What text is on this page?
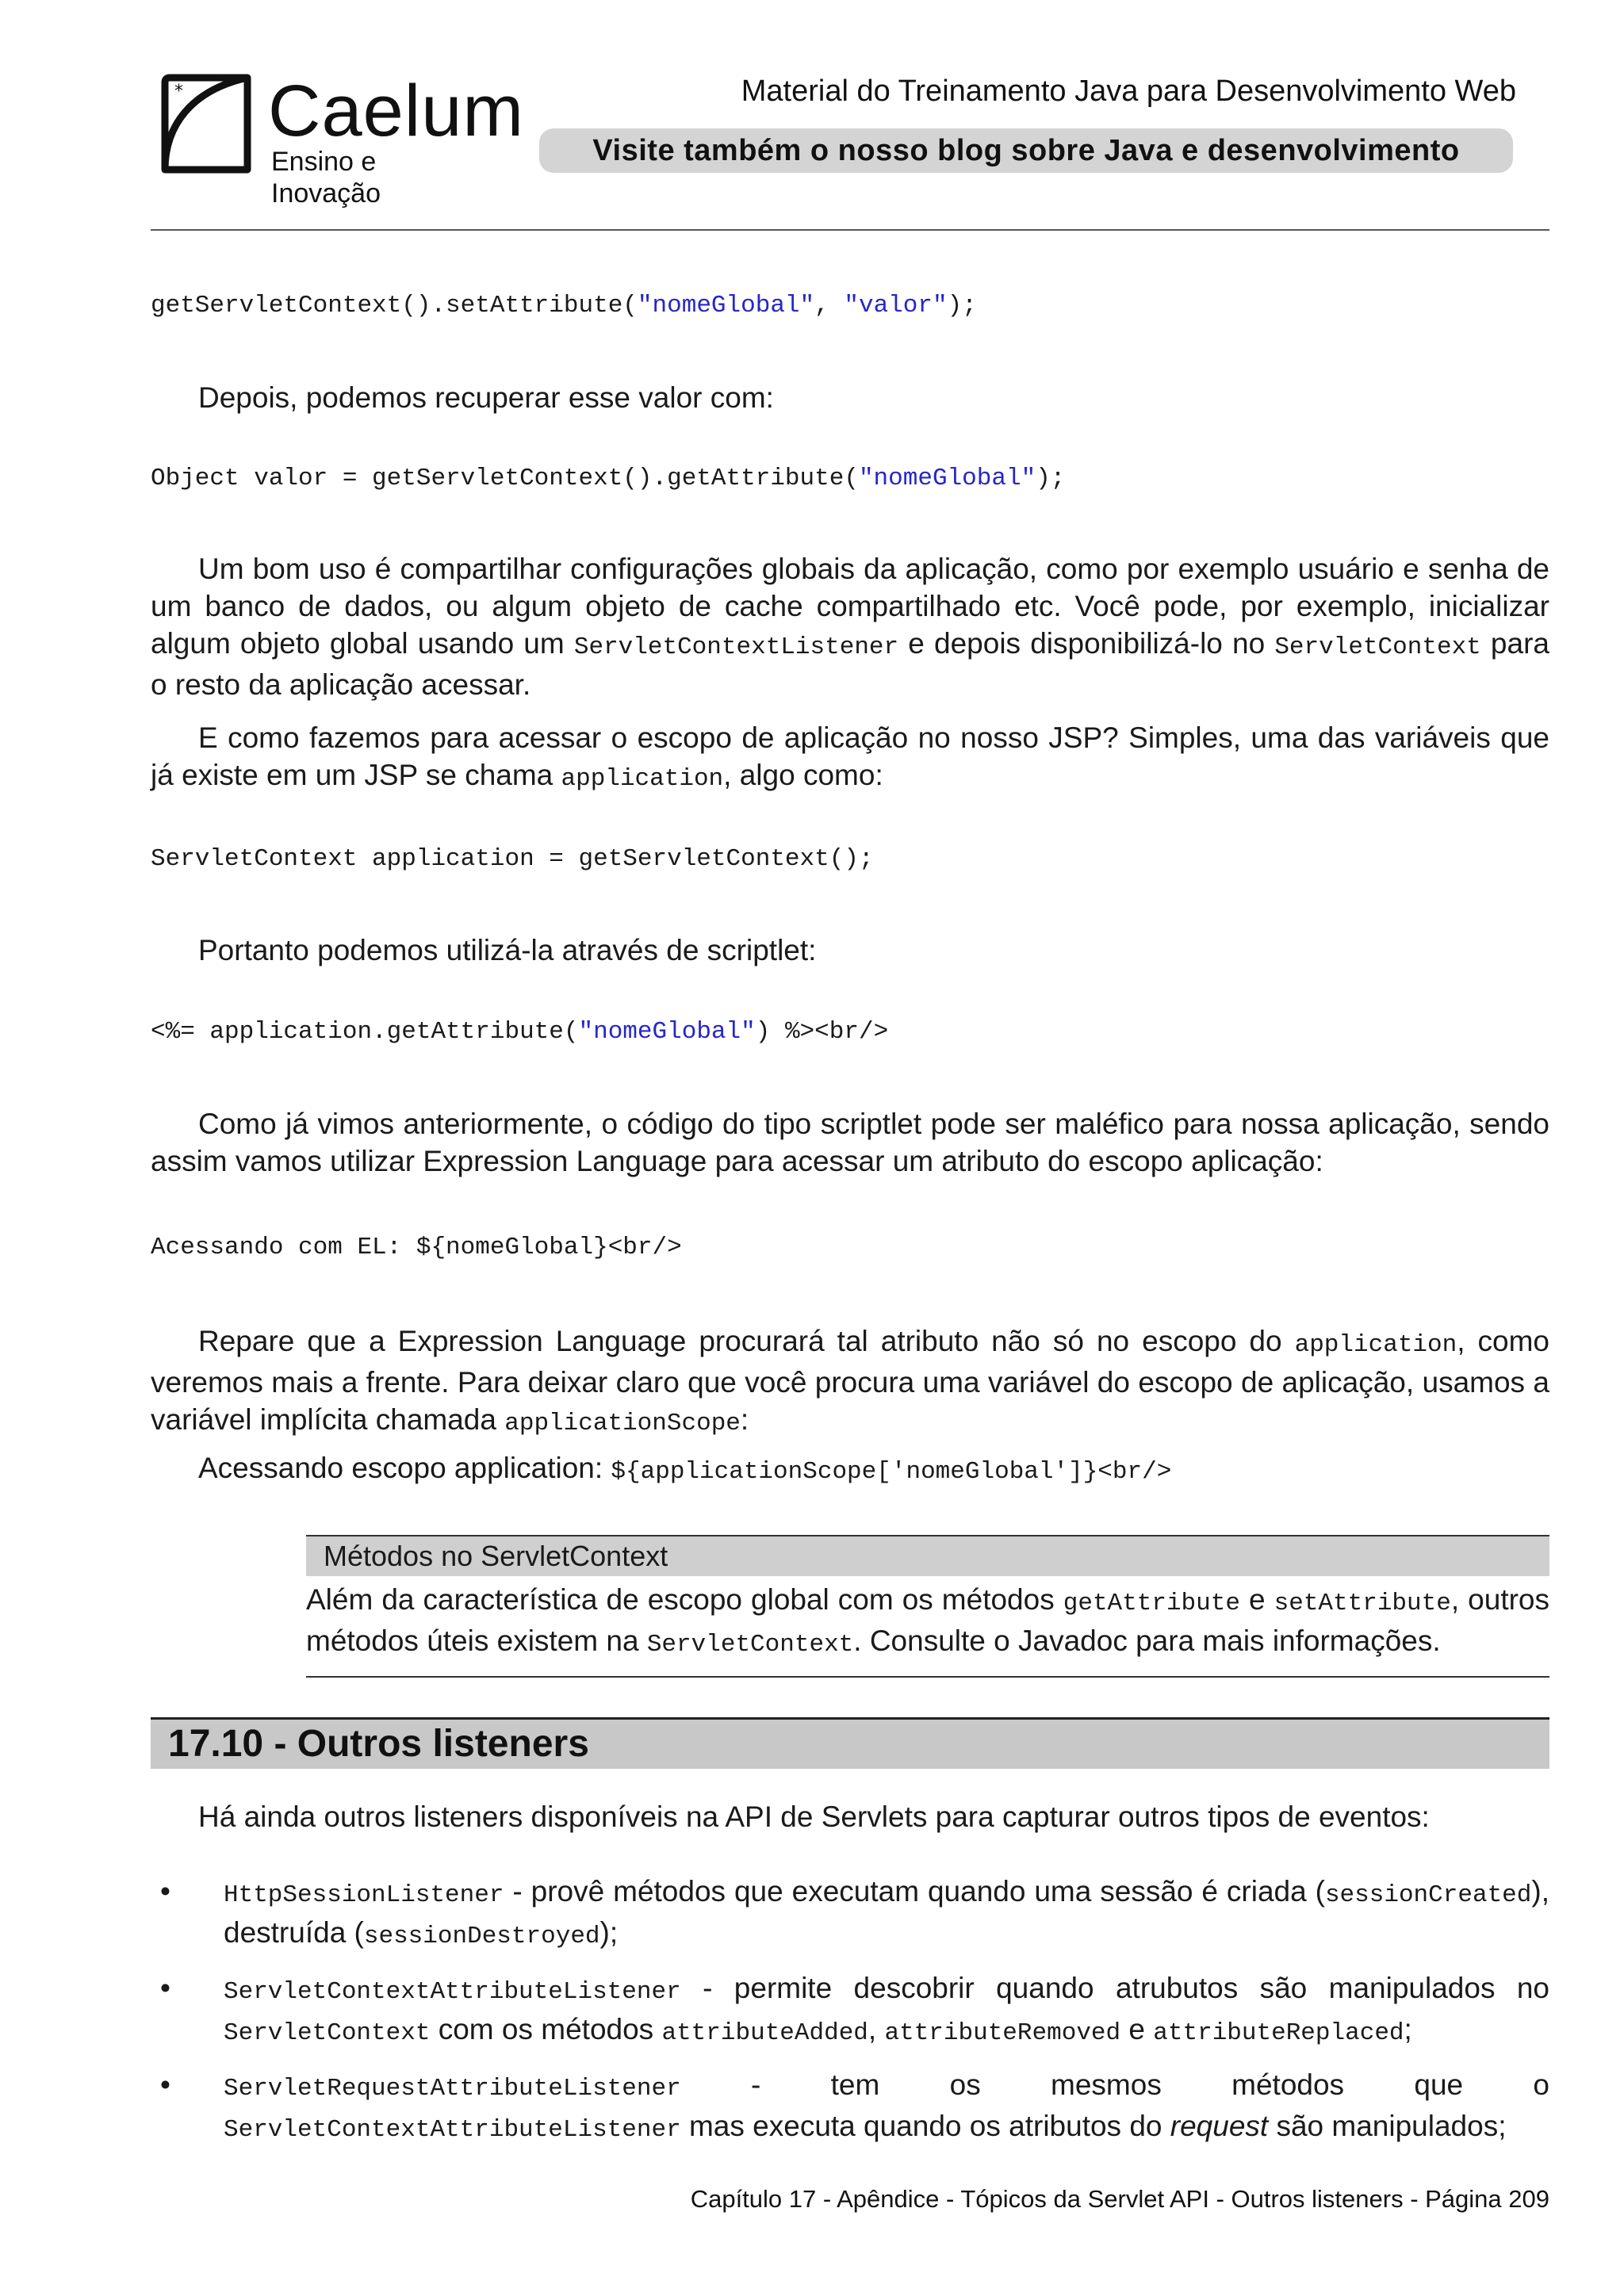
* Caelum
Ensino e Inovação
Material do Treinamento Java para Desenvolvimento Web
Visite também o nosso blog sobre Java e desenvolvimento
getServletContext().setAttribute("nomeGlobal", "valor");
Depois, podemos recuperar esse valor com:
Object valor = getServletContext().getAttribute("nomeGlobal");
Um bom uso é compartilhar configurações globais da aplicação, como por exemplo usuário e senha de um banco de dados, ou algum objeto de cache compartilhado etc. Você pode, por exemplo, inicializar algum objeto global usando um ServletContextListener e depois disponibilizá-lo no ServletContext para o resto da aplicação acessar.
E como fazemos para acessar o escopo de aplicação no nosso JSP? Simples, uma das variáveis que já existe em um JSP se chama application, algo como:
ServletContext application = getServletContext();
Portanto podemos utilizá-la através de scriptlet:
<%= application.getAttribute("nomeGlobal") %><br/>
Como já vimos anteriormente, o código do tipo scriptlet pode ser maléfico para nossa aplicação, sendo assim vamos utilizar Expression Language para acessar um atributo do escopo aplicação:
Acessando com EL: ${nomeGlobal}<br/>
Repare que a Expression Language procurará tal atributo não só no escopo do application, como veremos mais a frente. Para deixar claro que você procura uma variável do escopo de aplicação, usamos a variável implícita chamada applicationScope:
Acessando escopo application: ${applicationScope['nomeGlobal']}<br/>
Métodos no ServletContext
Além da característica de escopo global com os métodos getAttribute e setAttribute, outros métodos úteis existem na ServletContext. Consulte o Javadoc para mais informações.
17.10 - Outros listeners
Há ainda outros listeners disponíveis na API de Servlets para capturar outros tipos de eventos:
• HttpSessionListener - provê métodos que executam quando uma sessão é criada (sessionCreated), destruída (sessionDestroyed);
• ServletContextAttributeListener - permite descobrir quando atrubutos são manipulados no ServletContext com os métodos attributeAdded, attributeRemoved e attributeReplaced;
• ServletRequestAttributeListener - tem os mesmos métodos que o ServletContextAttributeListener mas executa quando os atributos do request são manipulados;
Capítulo 17 - Apêndice - Tópicos da Servlet API - Outros listeners - Página 209
